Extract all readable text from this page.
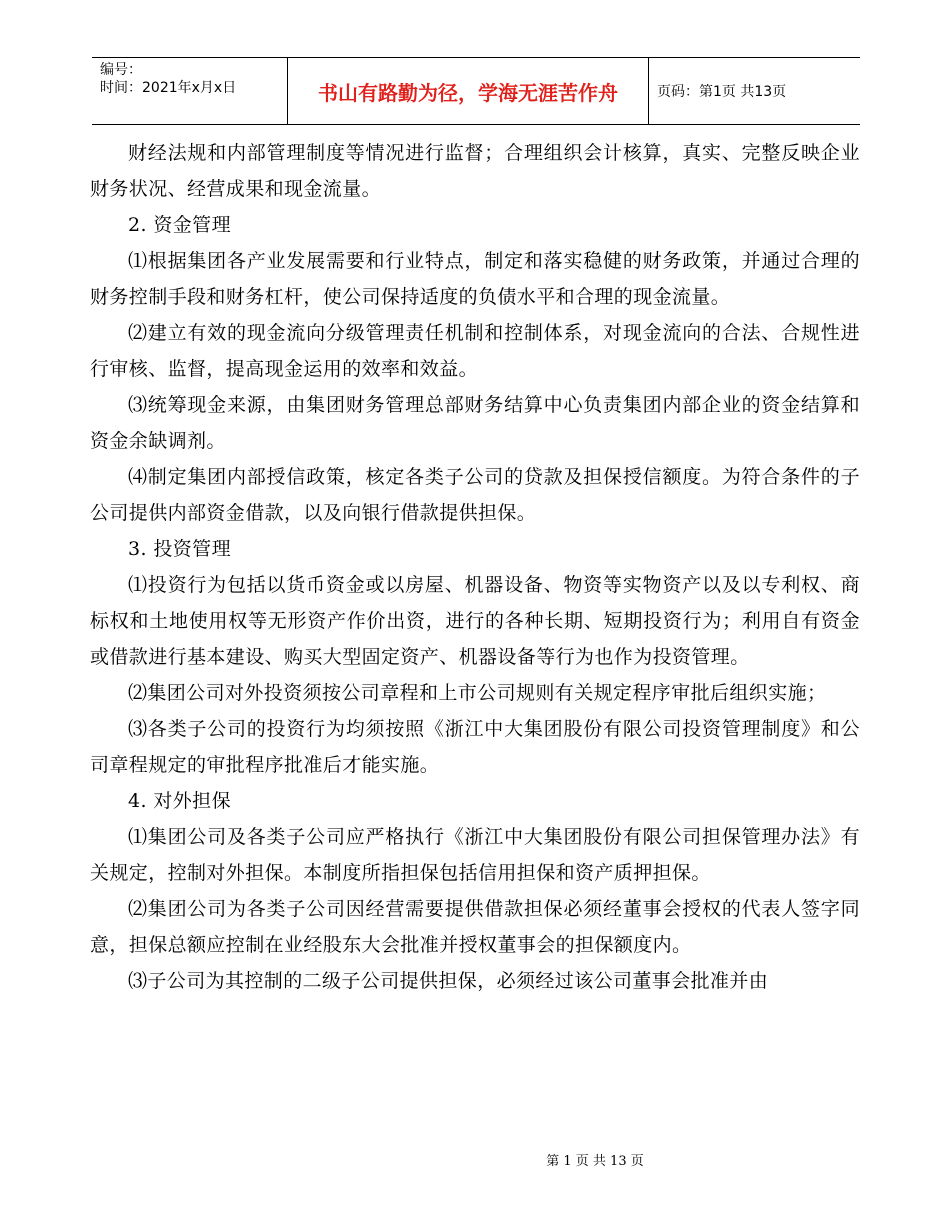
编号：
时间：2021年x月x日	书山有路勤为径，学海无涯苦作舟	页码：第1页 共13页

财经法规和内部管理制度等情况进行监督；合理组织会计核算，真实、完整反映企业财务状况、经营成果和现金流量。

2. 资金管理

⑴根据集团各产业发展需要和行业特点，制定和落实稳健的财务政策，并通过合理的财务控制手段和财务杠杆，使公司保持适度的负债水平和合理的现金流量。

⑵建立有效的现金流向分级管理责任机制和控制体系，对现金流向的合法、合规性进行审核、监督，提高现金运用的效率和效益。

⑶统筹现金来源，由集团财务管理总部财务结算中心负责集团内部企业的资金结算和资金余缺调剂。

⑷制定集团内部授信政策，核定各类子公司的贷款及担保授信额度。为符合条件的子公司提供内部资金借款，以及向银行借款提供担保。

3. 投资管理

⑴投资行为包括以货币资金或以房屋、机器设备、物资等实物资产以及以专利权、商标权和土地使用权等无形资产作价出资，进行的各种长期、短期投资行为；利用自有资金或借款进行基本建设、购买大型固定资产、机器设备等行为也作为投资管理。

⑵集团公司对外投资须按公司章程和上市公司规则有关规定程序审批后组织实施；

⑶各类子公司的投资行为均须按照《浙江中大集团股份有限公司投资管理制度》和公司章程规定的审批程序批准后才能实施。

4. 对外担保

⑴集团公司及各类子公司应严格执行《浙江中大集团股份有限公司担保管理办法》有关规定，控制对外担保。本制度所指担保包括信用担保和资产质押担保。

⑵集团公司为各类子公司因经营需要提供借款担保必须经董事会授权的代表人签字同意，担保总额应控制在业经股东大会批准并授权董事会的担保额度内。

⑶子公司为其控制的二级子公司提供担保，必须经过该公司董事会批准并由

第 1 页 共 13 页
